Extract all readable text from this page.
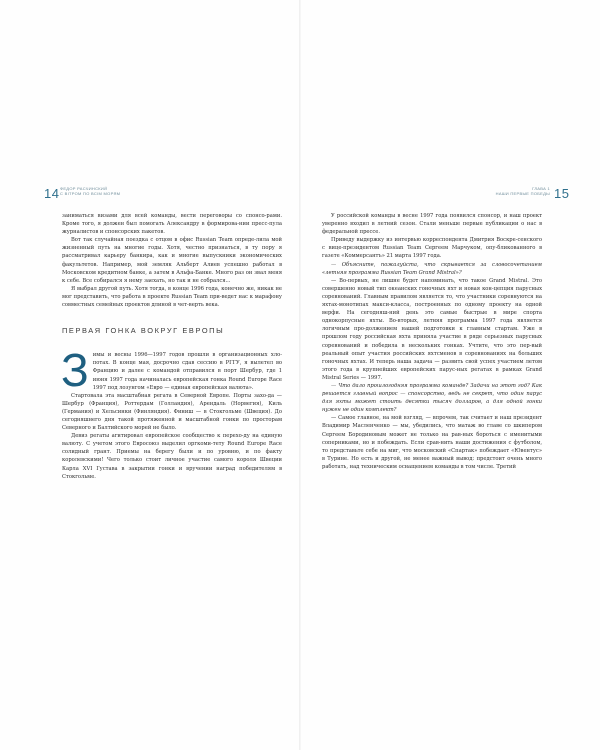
14 ФЕДОР РАСЧИНСКИЙ
С ВІТРОМ ПО ВСІМ МОРЯМ

заниматься визами для всей команды, вести переговоры со спонсо-рами. Кроме того, я должен был помогать Александру в формирова-нии пресс-пула журналистов и спонсорских пакетов.

Вот так случайная поездка с отцом в офис Russian Team опреде-лила мой жизненный путь на многие годы. Хотя, честно признаться, в ту пору я рассматривал карьеру банкира, как и многие выпускники экономических факультетов. Например, мой земляк Альберт Алиев успешно работал в Московском кредитном банке, а затем в Альфа-Банке. Много раз он звал меня к себе. Все собирался я нему заехать, но так и не собрался...

Я выбрал другой путь. Хотя тогда, в конце 1996 года, конечно же, никак не мог представить, что работа в проекте Russian Team при-ведет нас к марафону совместных семейных проектов длиной в чет-верть века.

ПЕРВАЯ ГОНКА ВОКРУГ ЕВРОПЫ
З имы и весны 1996—1997 годов прошли в организационных хло-потах. В конце мая, досрочно сдав сессию в РГГУ, я вылетел во Францию и далее с командой отправился в порт Шербур, где 1 июня 1997 года начиналась европейская гонка Round Europe Race 1997 под лозунгом «Евро — единая европейская валюта».

Стартовала эта масштабная регата в Северной Европе. Порты захо-да — Шербур (Франция), Роттердам (Голландия), Арендаль (Норвегия), Киль (Германия) и Хельсинки (Финляндия). Финиш — в Стокгольме (Швеция). До сегодняшнего дня такой протяженной и масштабной гонки по просторам Северного и Балтийского морей не было.

Девиз регаты агитировал европейское сообщество к перехо-ду на единую валюту. С учетом этого Евросоюз выделил оргкоми-тету Round Europe Race солидный грант. Приемы на берегу были и по уровню, и по факту королевскими! Чего только стоит личное участие самого короля Швеции Карла XVI Густава в закрытии гонки и вручении наград победителям в Стокгольме.

ГЛАВА 1
НАШИ ПЕРВЫЕ ПОБЕДЫ 15

У российской команды в весне 1997 года появился спонсор, и наш проект уверенно входил в летний сезон. Стали меньше первые публикации о нас в федеральной прессе.

Приведу выдержку из интервью корреспондента Дмитрия Воскре-сенского с вице-президентом Russian Team Сергеем Марчуком, опу-бликованного в газете «Коммерсантъ» 21 марта 1997 года.

— Объясните, пожалуйста, что скрывается за словосочетанием «летняя программа Russian Team Grand Mistral»?

— Во-первых, не лишне будет напоминать, что такое Grand Mistral. Это совершенно новый тип океанских гоночных яхт и новая кон-цепция парусных соревнований. Главным правилом является то, что участники соревнуются на яхтах-монотипах макси-класса, построенных по одному проекту на одной верфи. На сегодняш-ний день это самые быстрые в мире спорта однокорпусные яхты. Во-вторых, летняя программа 1997 года является логичным про-должением нашей подготовки к главным стартам. Уже в прошлом году российская яхта приняла участие в ряде серьезных парусных соревнований и победила в нескольких гонках. Учтите, что это пер-вый реальный опыт участия российских яхтсменов в соревнованиях на больших гоночных яхтах. И теперь наша задача — развить свой успех участием летом этого года в крупнейших европейских парус-ных регатах в рамках Grand Mistral Series — 1997.

— Что дало прошлогодняя программа команде? Задачи на этот год? Как решается главный вопрос — спонсорство, ведь не секрет, что один парус для яхты может стоить десятки тысяч долларов, а для одной гонки нужен не один комплект?

— Самое главное, на мой взгляд, — впрочем, так считает и наш президент Владимир Масленченко — мы, убедились, что матаж во главе со шкипером Сергеем Бородиновым может не только на рав-ных бороться с именитыми соперниками, но и побеждать. Если срав-нить наши достижения с футболом, то представьте себе на миг, что московский «Спартак» побеждает «Ювентус» в Турине. Но есть и другой, не менее важный вывод: предстоит очень много работать, над техническим оснащением команды в том числе. Третий
